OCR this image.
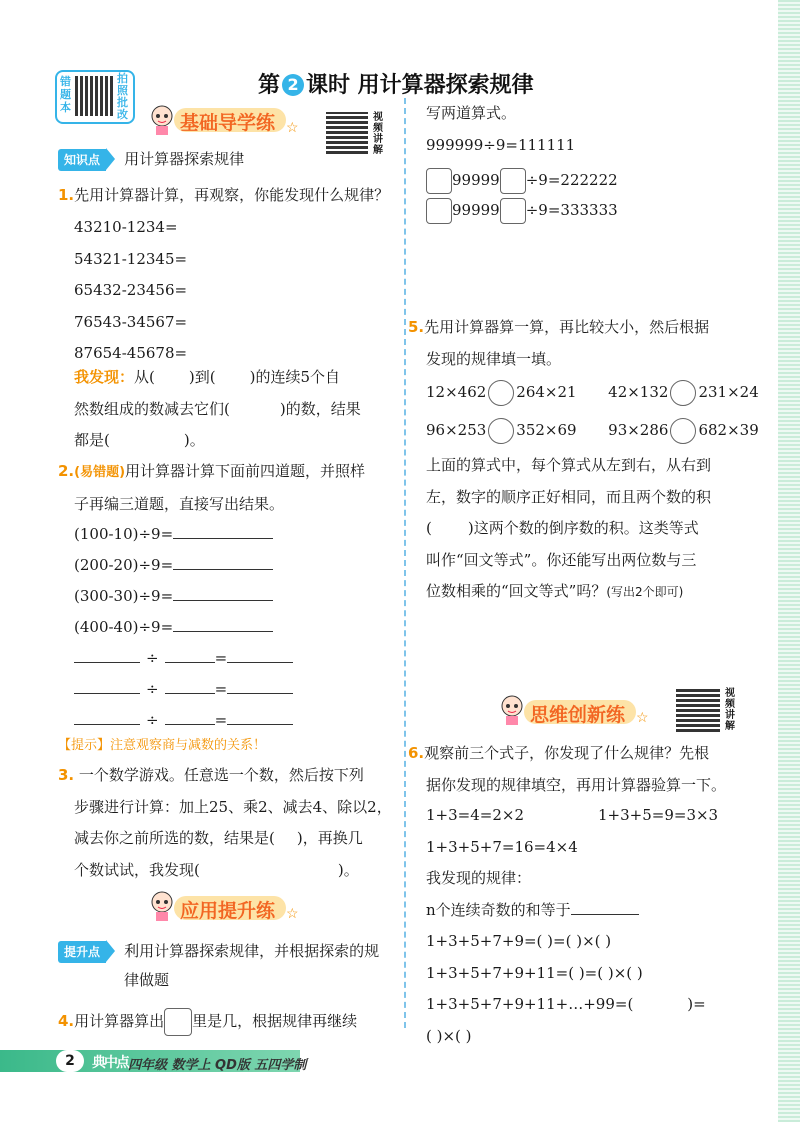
错题本
拍照批改
第 2 课时 用计算器探索规律
基础导学练 ☆
视频讲解
知识点 用计算器探索规律
1.先用计算器计算，再观察，你能发现什么规律？
43210-1234=
54321-12345=
65432-23456=
76543-34567=
87654-45678=
我发现：从( )到( )的连续5个自
然数组成的数减去它们(	)的数，结果
都是(	)。
2.(易错题)用计算器计算下面前四道题，并照样
子再编三道题，直接写出结果。
(100-10)÷9=
(200-20)÷9=
(300-30)÷9=
(400-40)÷9=
÷	=
÷	=
÷	=
【提示】注意观察商与减数的关系！
3. 一个数学游戏。任意选一个数，然后按下列
步骤进行计算：加上25、乘2、减去4、除以2，
减去你之前所选的数，结果是( )，再换几
个数试试，我发现(	)。
应用提升练 ☆
提升点 利用计算器探索规律，并根据探索的规
律做题
4.用计算器算出 里是几，根据规律再继续
写两道算式。
999999÷9=111111
99999 ÷9=222222
99999 ÷9=333333
5.先用计算器算一算，再比较大小，然后根据
发现的规律填一填。
12×462 264×21 42×132 231×24
96×253 352×69 93×286 682×39
上面的算式中，每个算式从左到右，从右到
左，数字的顺序正好相同，而且两个数的积
( )这两个数的倒序数的积。这类等式
叫作“回文等式”。你还能写出两位数与三
位数相乘的“回文等式”吗？(写出2个即可)
思维创新练 ☆
视频讲解
6.观察前三个式子，你发现了什么规律？先根
据你发现的规律填空，再用计算器验算一下。
1+3=4=2×2	1+3+5=9=3×3
1+3+5+7=16=4×4
我发现的规律：
n个连续奇数的和等于
1+3+5+7+9=( )=( )×( )
1+3+5+7+9+11=( )=( )×( )
1+3+5+7+9+11+…+99=(	)=
( )×( )
2	典中点 四年级 数学上 QD版 五四学制
